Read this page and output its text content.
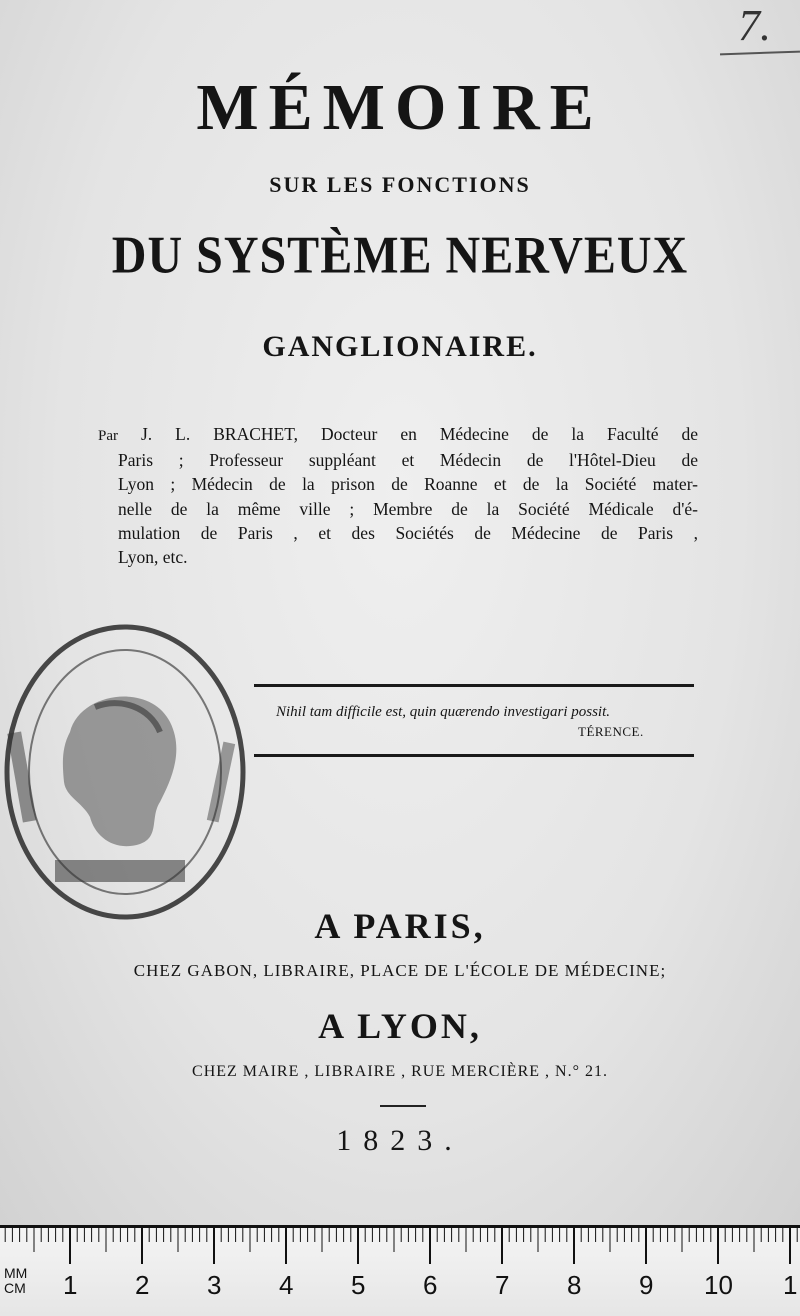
7.
MÉMOIRE
SUR LES FONCTIONS
DU SYSTÈME NERVEUX
GANGLIONAIRE.
Par J. L. BRACHET, Docteur en Médecine de la Faculté de
Paris ; Professeur suppléant et Médecin de l'Hôtel-Dieu de
Lyon ; Médecin de la prison de Roanne et de la Société mater-
nelle de la même ville ; Membre de la Société Médicale d'é-
mulation de Paris , et des Sociétés de Médecine de Paris ,
Lyon, etc.
Nihil tam difficile est, quin quærendo investigari possit.
TÉRENCE.
A PARIS,
CHEZ GABON, LIBRAIRE, PLACE DE L'ÉCOLE DE MÉDECINE;
A LYON,
CHEZ MAIRE , LIBRAIRE , RUE MERCIÈRE , N.° 21.
1823.
MM
CM 1 2 3 4 5 6 7 8 9 10 1
